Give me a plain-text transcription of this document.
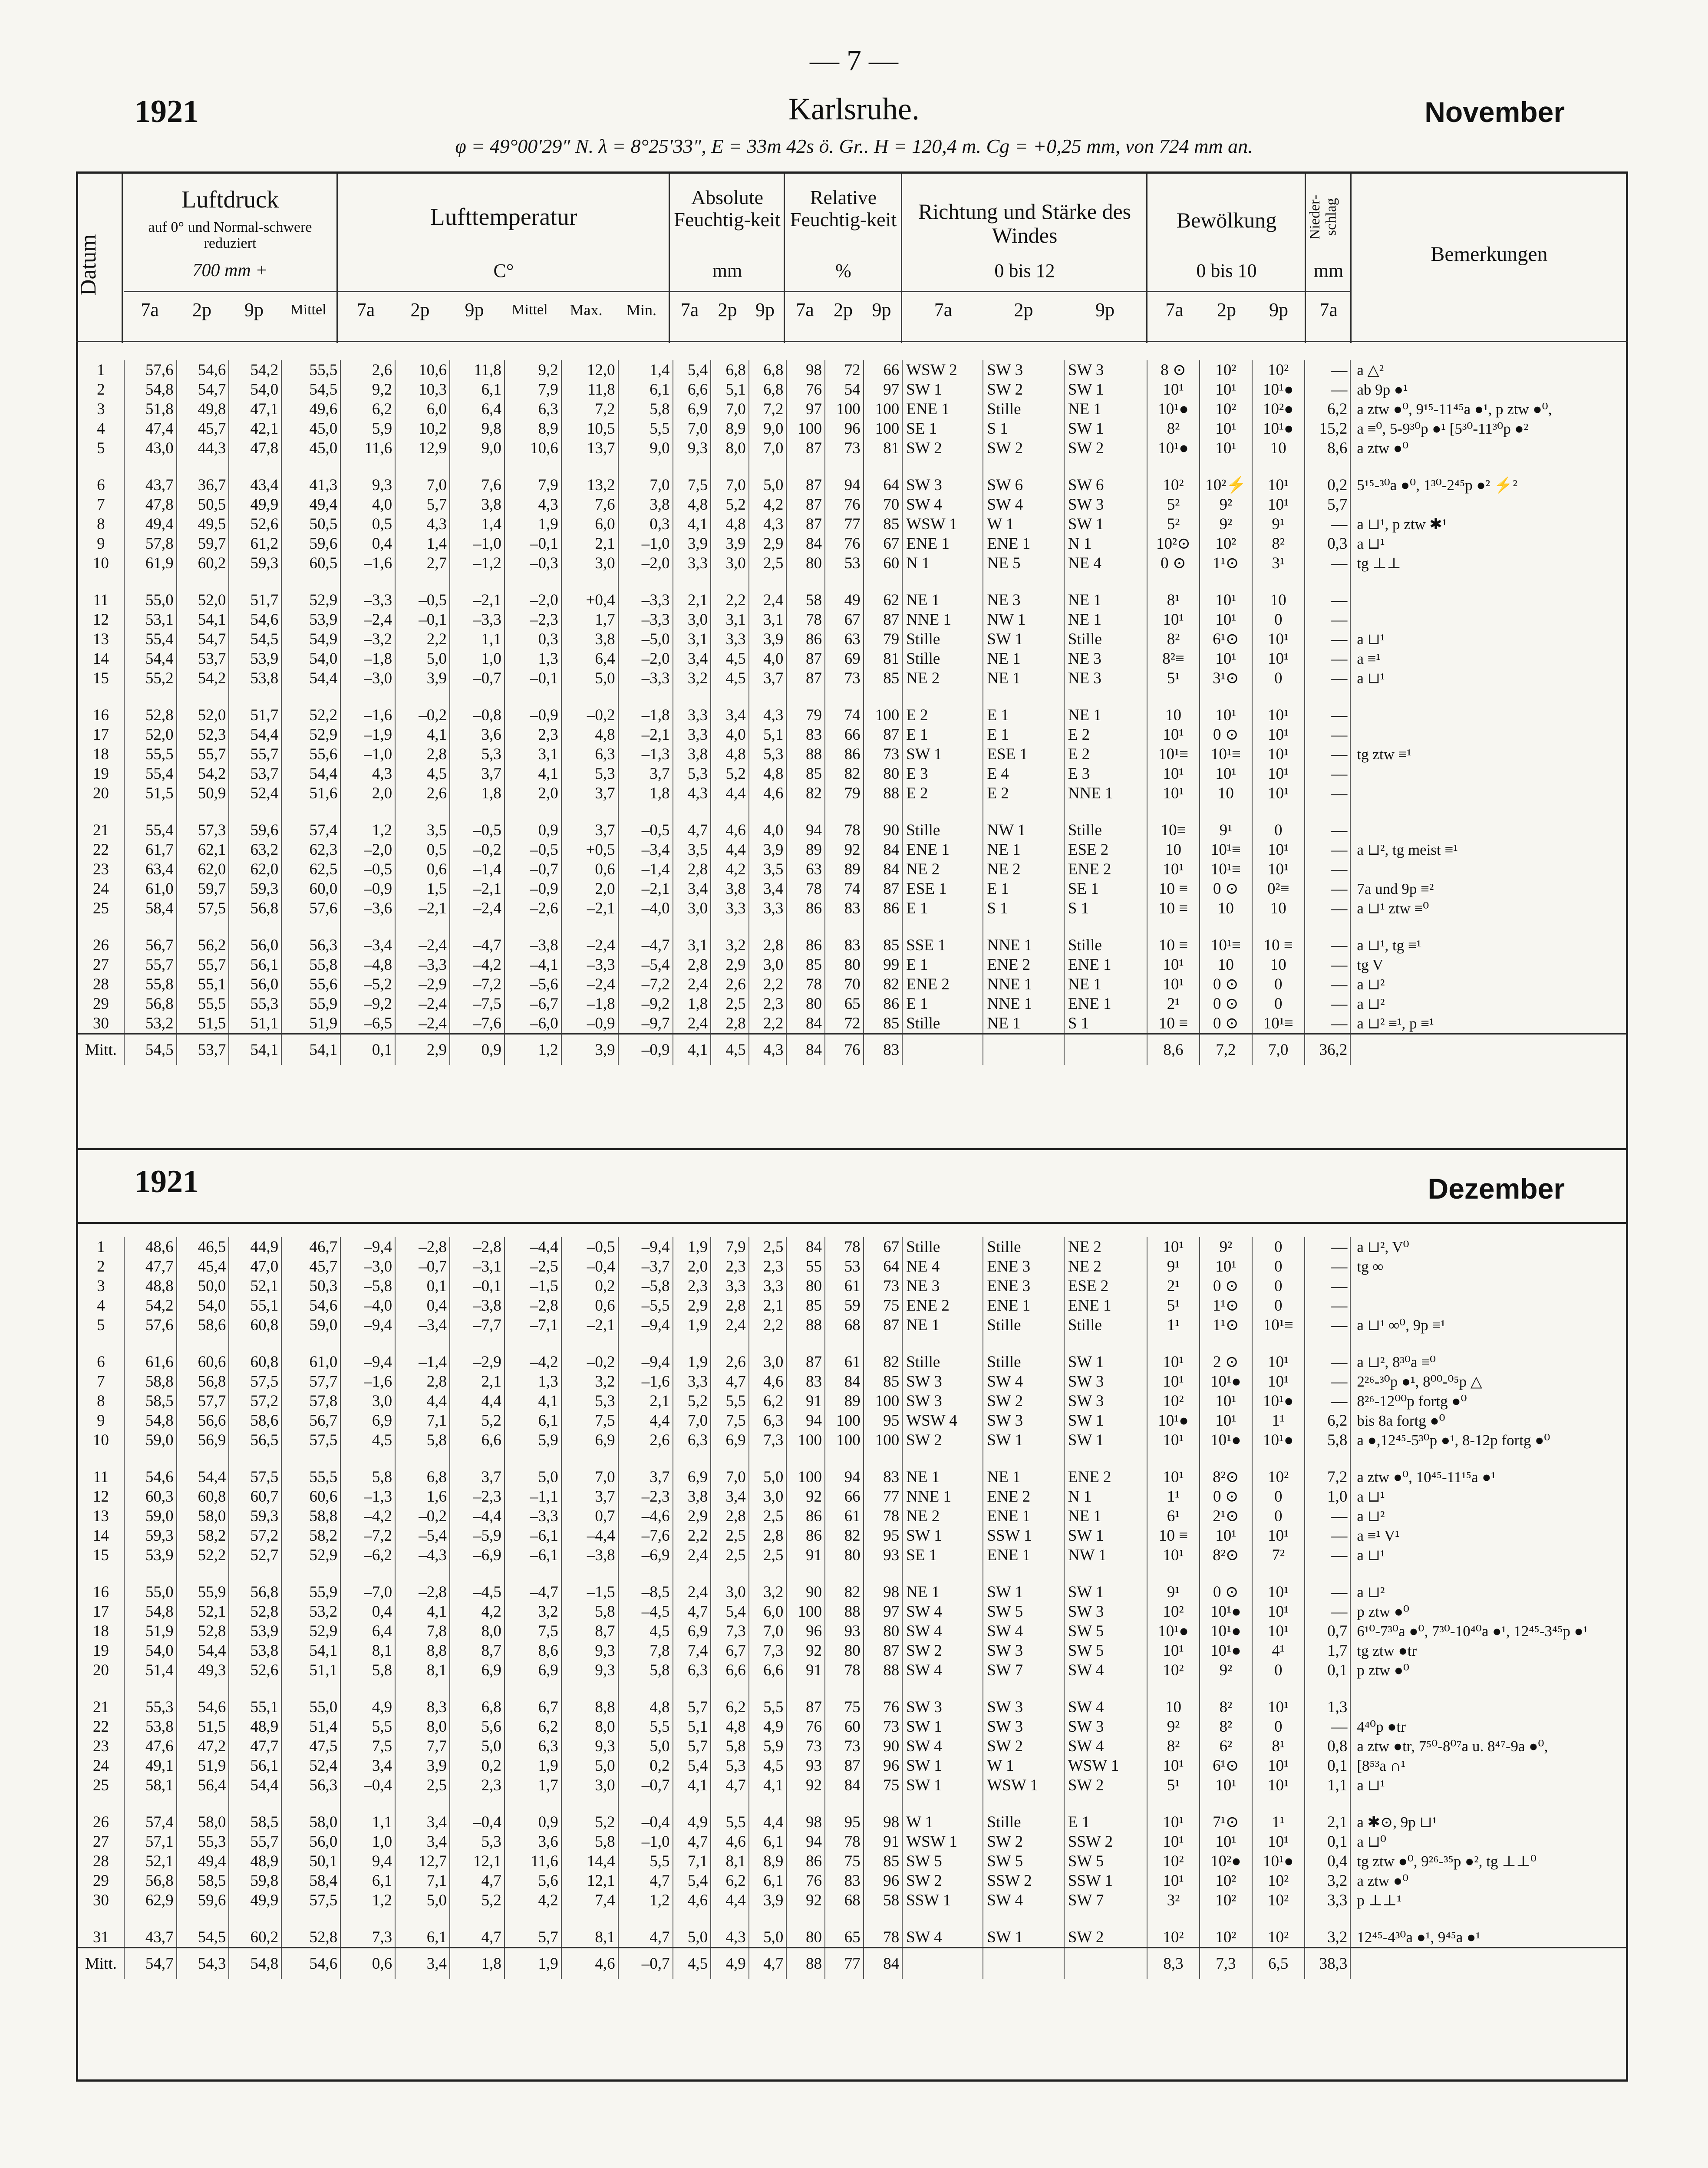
— 7 —
1921	Karlsruhe.	November
φ = 49°00′29″ N. λ = 8°25′33″, E = 33m 42s ö. Gr.. H = 120,4 m. Cg = +0,25 mm, von 724 mm an.
Datum
Luftdruck
auf 0° und Normal-schwere reduziert
700 mm +
Lufttemperatur
C°
Absolute Feuchtig-keit
mm
Relative Feuchtig-keit
%
Richtung und Stärke des Windes
0 bis 12
Bewölkung
0 bis 10
Nieder-schlag
mm
Bemerkungen
7a	2p	9p	Mittel	7a	2p	9p	Mittel	Max.	Min.	7a	2p 9p	7a	2p	9p	7a	2p	9p	7a	2p	9p	7a
1	57,6	54,6	54,2	55,5	2,6	10,6	11,8	9,2	12,0	1,4	5,4	6,8	6,8	98	72	66	WSW 2	SW 3	SW 3	8 ⊙	10²	10²	—	a △²
2	54,8	54,7	54,0	54,5	9,2	10,3	6,1	7,9	11,8	6,1	6,6	5,1	6,8	76	54	97	SW 1	SW 2	SW 1	10¹	10¹	10¹●	—	ab 9p ●¹
3	51,8	49,8	47,1	49,6	6,2	6,0	6,4	6,3	7,2	5,8	6,9	7,0	7,2	97	100	100	ENE 1	Stille	NE 1	10¹●	10²	10²●	6,2	a ztw ●⁰, 9¹⁵-11⁴⁵a ●¹, p ztw ●⁰,
4	47,4	45,7	42,1	45,0	5,9	10,2	9,8	8,9	10,5	5,5	7,0	8,9	9,0	100	96	100	SE 1	S 1	SW 1	8²	10¹	10¹●	15,2	a ≡⁰, 5-9³⁰p ●¹ [5³⁰-11³⁰p ●²
5	43,0	44,3	47,8	45,0	11,6	12,9	9,0	10,6	13,7	9,0	9,3	8,0	7,0	87	73	81	SW 2	SW 2	SW 2	10¹●	10¹	10	8,6	a ztw ●⁰

6	43,7	36,7	43,4	41,3	9,3	7,0	7,6	7,9	13,2	7,0	7,5	7,0	5,0	87	94	64	SW 3	SW 6	SW 6	10²	10²⚡	10¹	0,2	5¹⁵-³⁰a ●⁰, 1³⁰-2⁴⁵p ●² ⚡²
7	47,8	50,5	49,9	49,4	4,0	5,7	3,8	4,3	7,6	3,8	4,8	5,2	4,2	87	76	70	SW 4	SW 4	SW 3	5²	9²	10¹	5,7	
8	49,4	49,5	52,6	50,5	0,5	4,3	1,4	1,9	6,0	0,3	4,1	4,8	4,3	87	77	85	WSW 1	W 1	SW 1	5²	9²	9¹	—	a ⊔¹, p ztw ✱¹
9	57,8	59,7	61,2	59,6	0,4	1,4	–1,0	–0,1	2,1	–1,0	3,9	3,9	2,9	84	76	67	ENE 1	ENE 1	N 1	10²⊙	10²	8²	0,3	a ⊔¹
10	61,9	60,2	59,3	60,5	–1,6	2,7	–1,2	–0,3	3,0	–2,0	3,3	3,0	2,5	80	53	60	N 1	NE 5	NE 4	0 ⊙	1¹⊙	3¹	—	tg ⊥⊥

11	55,0	52,0	51,7	52,9	–3,3	–0,5	–2,1	–2,0	+0,4	–3,3	2,1	2,2	2,4	58	49	62	NE 1	NE 3	NE 1	8¹	10¹	10	—	
12	53,1	54,1	54,6	53,9	–2,4	–0,1	–3,3	–2,3	1,7	–3,3	3,0	3,1	3,1	78	67	87	NNE 1	NW 1	NE 1	10¹	10¹	0	—	
13	55,4	54,7	54,5	54,9	–3,2	2,2	1,1	0,3	3,8	–5,0	3,1	3,3	3,9	86	63	79	Stille	SW 1	Stille	8²	6¹⊙	10¹	—	a ⊔¹
14	54,4	53,7	53,9	54,0	–1,8	5,0	1,0	1,3	6,4	–2,0	3,4	4,5	4,0	87	69	81	Stille	NE 1	NE 3	8²≡	10¹	10¹	—	a ≡¹
15	55,2	54,2	53,8	54,4	–3,0	3,9	–0,7	–0,1	5,0	–3,3	3,2	4,5	3,7	87	73	85	NE 2	NE 1	NE 3	5¹	3¹⊙	0	—	a ⊔¹

16	52,8	52,0	51,7	52,2	–1,6	–0,2	–0,8	–0,9	–0,2	–1,8	3,3	3,4	4,3	79	74	100	E 2	E 1	NE 1	10	10¹	10¹	—	
17	52,0	52,3	54,4	52,9	–1,9	4,1	3,6	2,3	4,8	–2,1	3,3	4,0	5,1	83	66	87	E 1	E 1	E 2	10¹	0 ⊙	10¹	—	
18	55,5	55,7	55,7	55,6	–1,0	2,8	5,3	3,1	6,3	–1,3	3,8	4,8	5,3	88	86	73	SW 1	ESE 1	E 2	10¹≡	10¹≡	10¹	—	tg ztw ≡¹
19	55,4	54,2	53,7	54,4	4,3	4,5	3,7	4,1	5,3	3,7	5,3	5,2	4,8	85	82	80	E 3	E 4	E 3	10¹	10¹	10¹	—	
20	51,5	50,9	52,4	51,6	2,0	2,6	1,8	2,0	3,7	1,8	4,3	4,4	4,6	82	79	88	E 2	E 2	NNE 1	10¹	10	10¹	—	

21	55,4	57,3	59,6	57,4	1,2	3,5	–0,5	0,9	3,7	–0,5	4,7	4,6	4,0	94	78	90	Stille	NW 1	Stille	10≡	9¹	0	—	
22	61,7	62,1	63,2	62,3	–2,0	0,5	–0,2	–0,5	+0,5	–3,4	3,5	4,4	3,9	89	92	84	ENE 1	NE 1	ESE 2	10	10¹≡	10¹	—	a ⊔², tg meist ≡¹
23	63,4	62,0	62,0	62,5	–0,5	0,6	–1,4	–0,7	0,6	–1,4	2,8	4,2	3,5	63	89	84	NE 2	NE 2	ENE 2	10¹	10¹≡	10¹	—	
24	61,0	59,7	59,3	60,0	–0,9	1,5	–2,1	–0,9	2,0	–2,1	3,4	3,8	3,4	78	74	87	ESE 1	E 1	SE 1	10 ≡	0 ⊙	0²≡	—	7a und 9p ≡²
25	58,4	57,5	56,8	57,6	–3,6	–2,1	–2,4	–2,6	–2,1	–4,0	3,0	3,3	3,3	86	83	86	E 1	S 1	S 1	10 ≡	10	10	—	a ⊔¹ ztw ≡⁰

26	56,7	56,2	56,0	56,3	–3,4	–2,4	–4,7	–3,8	–2,4	–4,7	3,1	3,2	2,8	86	83	85	SSE 1	NNE 1	Stille	10 ≡	10¹≡	10 ≡	—	a ⊔¹, tg ≡¹
27	55,7	55,7	56,1	55,8	–4,8	–3,3	–4,2	–4,1	–3,3	–5,4	2,8	2,9	3,0	85	80	99	E 1	ENE 2	ENE 1	10¹	10	10	—	tg V
28	55,8	55,1	56,0	55,6	–5,2	–2,9	–7,2	–5,6	–2,4	–7,2	2,4	2,6	2,2	78	70	82	ENE 2	NNE 1	NE 1	10¹	0 ⊙	0	—	a ⊔²
29	56,8	55,5	55,3	55,9	–9,2	–2,4	–7,5	–6,7	–1,8	–9,2	1,8	2,5	2,3	80	65	86	E 1	NNE 1	ENE 1	2¹	0 ⊙	0	—	a ⊔²
30	53,2	51,5	51,1	51,9	–6,5	–2,4	–7,6	–6,0	–0,9	–9,7	2,4	2,8	2,2	84	72	85	Stille	NE 1	S 1	10 ≡	0 ⊙	10¹≡	—	a ⊔² ≡¹, p ≡¹
Mitt.	54,5	53,7	54,1	54,1	0,1	2,9	0,9	1,2	3,9	–0,9	4,1	4,5	4,3	84	76	83				8,6	7,2	7,0	36,2	
1921	Dezember
1	48,6	46,5	44,9	46,7	–9,4	–2,8	–2,8	–4,4	–0,5	–9,4	1,9	7,9	2,5	84	78	67	Stille	Stille	NE 2	10¹	9²	0	—	a ⊔², V⁰
2	47,7	45,4	47,0	45,7	–3,0	–0,7	–3,1	–2,5	–0,4	–3,7	2,0	2,3	2,3	55	53	64	NE 4	ENE 3	NE 2	9¹	10¹	0	—	tg ∞
3	48,8	50,0	52,1	50,3	–5,8	0,1	–0,1	–1,5	0,2	–5,8	2,3	3,3	3,3	80	61	73	NE 3	ENE 3	ESE 2	2¹	0 ⊙	0	—	
4	54,2	54,0	55,1	54,6	–4,0	0,4	–3,8	–2,8	0,6	–5,5	2,9	2,8	2,1	85	59	75	ENE 2	ENE 1	ENE 1	5¹	1¹⊙	0	—	
5	57,6	58,6	60,8	59,0	–9,4	–3,4	–7,7	–7,1	–2,1	–9,4	1,9	2,4	2,2	88	68	87	NE 1	Stille	Stille	1¹	1¹⊙	10¹≡	—	a ⊔¹ ∞⁰, 9p ≡¹

6	61,6	60,6	60,8	61,0	–9,4	–1,4	–2,9	–4,2	–0,2	–9,4	1,9	2,6	3,0	87	61	82	Stille	Stille	SW 1	10¹	2 ⊙	10¹	—	a ⊔², 8³⁰a ≡⁰
7	58,8	56,8	57,5	57,7	–1,6	2,8	2,1	1,3	3,2	–1,6	3,3	4,7	4,6	83	84	85	SW 3	SW 4	SW 3	10¹	10¹●	10¹	—	2²⁶-³⁰p ●¹, 8⁰⁰-⁰⁵p △
8	58,5	57,7	57,2	57,8	3,0	4,4	4,4	4,1	5,3	2,1	5,2	5,5	6,2	91	89	100	SW 3	SW 2	SW 3	10²	10¹	10¹●	—	8²⁶-12⁰⁰p fortg ●⁰
9	54,8	56,6	58,6	56,7	6,9	7,1	5,2	6,1	7,5	4,4	7,0	7,5	6,3	94	100	95	WSW 4	SW 3	SW 1	10¹●	10¹	1¹	6,2	bis 8a fortg ●⁰
10	59,0	56,9	56,5	57,5	4,5	5,8	6,6	5,9	6,9	2,6	6,3	6,9	7,3	100	100	100	SW 2	SW 1	SW 1	10¹	10¹●	10¹●	5,8	a ●,12⁴⁵-5³⁰p ●¹, 8-12p fortg ●⁰

11	54,6	54,4	57,5	55,5	5,8	6,8	3,7	5,0	7,0	3,7	6,9	7,0	5,0	100	94	83	NE 1	NE 1	ENE 2	10¹	8²⊙	10²	7,2	a ztw ●⁰, 10⁴⁵-11¹⁵a ●¹
12	60,3	60,8	60,7	60,6	–1,3	1,6	–2,3	–1,1	3,7	–2,3	3,8	3,4	3,0	92	66	77	NNE 1	ENE 2	N 1	1¹	0 ⊙	0	1,0	a ⊔¹
13	59,0	58,0	59,3	58,8	–4,2	–0,2	–4,4	–3,3	0,7	–4,6	2,9	2,8	2,5	86	61	78	NE 2	ENE 1	NE 1	6¹	2¹⊙	0	—	a ⊔²
14	59,3	58,2	57,2	58,2	–7,2	–5,4	–5,9	–6,1	–4,4	–7,6	2,2	2,5	2,8	86	82	95	SW 1	SSW 1	SW 1	10 ≡	10¹	10¹	—	a ≡¹ V¹
15	53,9	52,2	52,7	52,9	–6,2	–4,3	–6,9	–6,1	–3,8	–6,9	2,4	2,5	2,5	91	80	93	SE 1	ENE 1	NW 1	10¹	8²⊙	7²	—	a ⊔¹

16	55,0	55,9	56,8	55,9	–7,0	–2,8	–4,5	–4,7	–1,5	–8,5	2,4	3,0	3,2	90	82	98	NE 1	SW 1	SW 1	9¹	0 ⊙	10¹	—	a ⊔²
17	54,8	52,1	52,8	53,2	0,4	4,1	4,2	3,2	5,8	–4,5	4,7	5,4	6,0	100	88	97	SW 4	SW 5	SW 3	10²	10¹●	10¹	—	p ztw ●⁰
18	51,9	52,8	53,9	52,9	6,4	7,8	8,0	7,5	8,7	4,5	6,9	7,3	7,0	96	93	80	SW 4	SW 4	SW 5	10¹●	10¹●	10¹	0,7	6¹⁰-7³⁰a ●⁰, 7³⁰-10⁴⁰a ●¹, 12⁴⁵-3⁴⁵p ●¹
19	54,0	54,4	53,8	54,1	8,1	8,8	8,7	8,6	9,3	7,8	7,4	6,7	7,3	92	80	87	SW 2	SW 3	SW 5	10¹	10¹●	4¹	1,7	tg ztw ●tr
20	51,4	49,3	52,6	51,1	5,8	8,1	6,9	6,9	9,3	5,8	6,3	6,6	6,6	91	78	88	SW 4	SW 7	SW 4	10²	9²	0	0,1	p ztw ●⁰

21	55,3	54,6	55,1	55,0	4,9	8,3	6,8	6,7	8,8	4,8	5,7	6,2	5,5	87	75	76	SW 3	SW 3	SW 4	10	8²	10¹	1,3	
22	53,8	51,5	48,9	51,4	5,5	8,0	5,6	6,2	8,0	5,5	5,1	4,8	4,9	76	60	73	SW 1	SW 3	SW 3	9²	8²	0	—	4⁴⁰p ●tr
23	47,6	47,2	47,7	47,5	7,5	7,7	5,0	6,3	9,3	5,0	5,7	5,8	5,9	73	73	90	SW 4	SW 2	SW 4	8²	6²	8¹	0,8	a ztw ●tr, 7⁵⁰-8⁰⁷a u. 8⁴⁷-9a ●⁰,
24	49,1	51,9	56,1	52,4	3,4	3,9	0,2	1,9	5,0	0,2	5,4	5,3	4,5	93	87	96	SW 1	W 1	WSW 1	10¹	6¹⊙	10¹	0,1	[8⁵³a ∩¹
25	58,1	56,4	54,4	56,3	–0,4	2,5	2,3	1,7	3,0	–0,7	4,1	4,7	4,1	92	84	75	SW 1	WSW 1	SW 2	5¹	10¹	10¹	1,1	a ⊔¹

26	57,4	58,0	58,5	58,0	1,1	3,4	–0,4	0,9	5,2	–0,4	4,9	5,5	4,4	98	95	98	W 1	Stille	E 1	10¹	7¹⊙	1¹	2,1	a ✱⊙, 9p ⊔¹
27	57,1	55,3	55,7	56,0	1,0	3,4	5,3	3,6	5,8	–1,0	4,7	4,6	6,1	94	78	91	WSW 1	SW 2	SSW 2	10¹	10¹	10¹	0,1	a ⊔⁰
28	52,1	49,4	48,9	50,1	9,4	12,7	12,1	11,6	14,4	5,5	7,1	8,1	8,9	86	75	85	SW 5	SW 5	SW 5	10²	10²●	10¹●	0,4	tg ztw ●⁰, 9²⁶-³⁵p ●², tg ⊥⊥⁰
29	56,8	58,5	59,8	58,4	6,1	7,1	4,7	5,6	12,1	4,7	5,4	6,2	6,1	76	83	96	SW 2	SSW 2	SSW 1	10¹	10²	10²	3,2	a ztw ●⁰
30	62,9	59,6	49,9	57,5	1,2	5,0	5,2	4,2	7,4	1,2	4,6	4,4	3,9	92	68	58	SSW 1	SW 4	SW 7	3²	10²	10²	3,3	p ⊥⊥¹

31	43,7	54,5	60,2	52,8	7,3	6,1	4,7	5,7	8,1	4,7	5,0	4,3	5,0	80	65	78	SW 4	SW 1	SW 2	10²	10²	10²	3,2	12⁴⁵-4³⁰a ●¹, 9⁴⁵a ●¹
Mitt.	54,7	54,3	54,8	54,6	0,6	3,4	1,8	1,9	4,6	–0,7	4,5	4,9	4,7	88	77	84				8,3	7,3	6,5	38,3	
